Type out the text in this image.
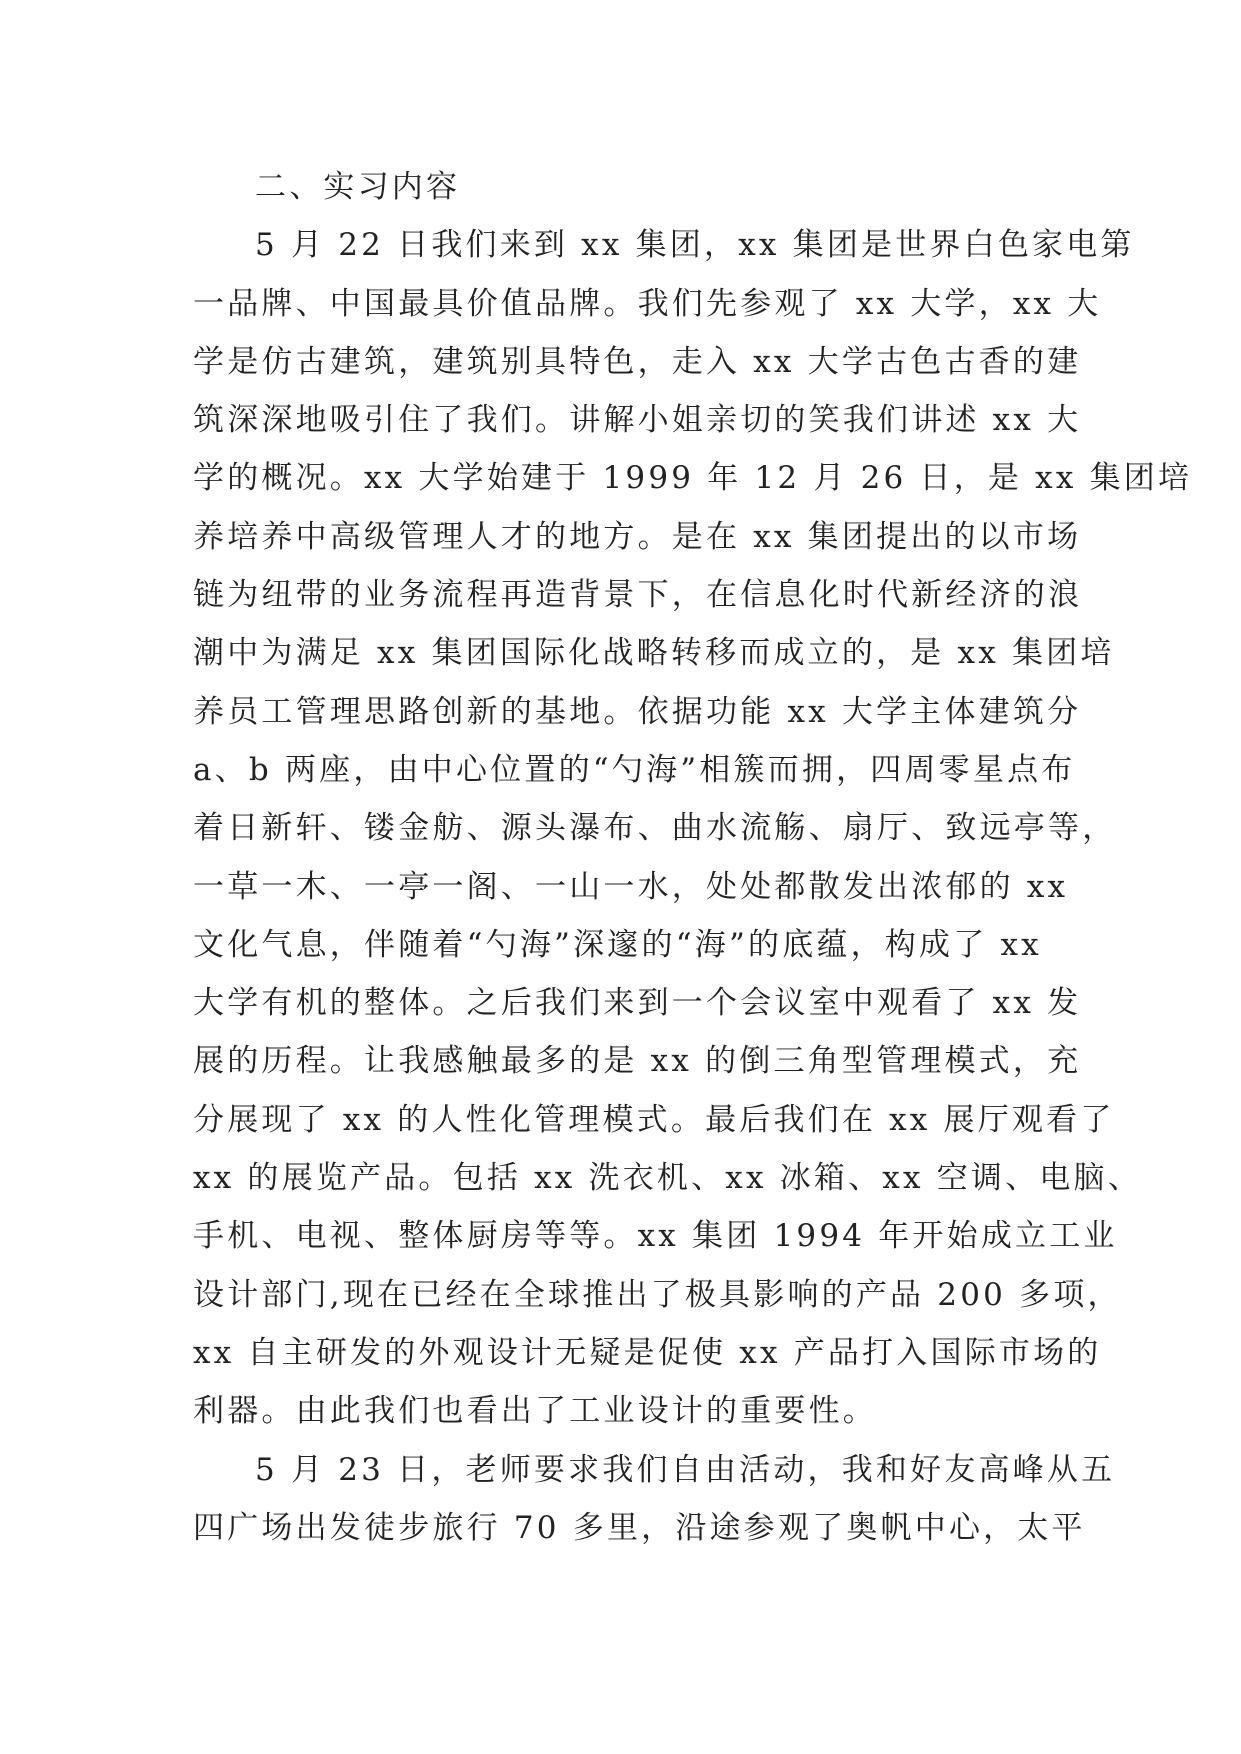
二、实习内容
5 月 22 日我们来到 xx 集团，xx 集团是世界白色家电第
一品牌、中国最具价值品牌。我们先参观了 xx 大学，xx 大
学是仿古建筑，建筑别具特色，走入 xx 大学古色古香的建
筑深深地吸引住了我们。讲解小姐亲切的笑我们讲述 xx 大
学的概况。xx 大学始建于 1999 年 12 月 26 日，是 xx 集团培
养培养中高级管理人才的地方。是在 xx 集团提出的以市场
链为纽带的业务流程再造背景下，在信息化时代新经济的浪
潮中为满足 xx 集团国际化战略转移而成立的，是 xx 集团培
养员工管理思路创新的基地。依据功能 xx 大学主体建筑分
a、b 两座，由中心位置的“勺海”相簇而拥，四周零星点布
着日新轩、镂金舫、源头瀑布、曲水流觞、扇厅、致远亭等，
一草一木、一亭一阁、一山一水，处处都散发出浓郁的 xx
文化气息，伴随着“勺海”深邃的“海”的底蕴，构成了 xx
大学有机的整体。之后我们来到一个会议室中观看了 xx 发
展的历程。让我感触最多的是 xx 的倒三角型管理模式，充
分展现了 xx 的人性化管理模式。最后我们在 xx 展厅观看了
xx 的展览产品。包括 xx 洗衣机、xx 冰箱、xx 空调、电脑、
手机、电视、整体厨房等等。xx 集团 1994 年开始成立工业
设计部门,现在已经在全球推出了极具影响的产品 200 多项，
xx 自主研发的外观设计无疑是促使 xx 产品打入国际市场的
利器。由此我们也看出了工业设计的重要性。
5 月 23 日，老师要求我们自由活动，我和好友高峰从五
四广场出发徒步旅行 70 多里，沿途参观了奥帆中心，太平
